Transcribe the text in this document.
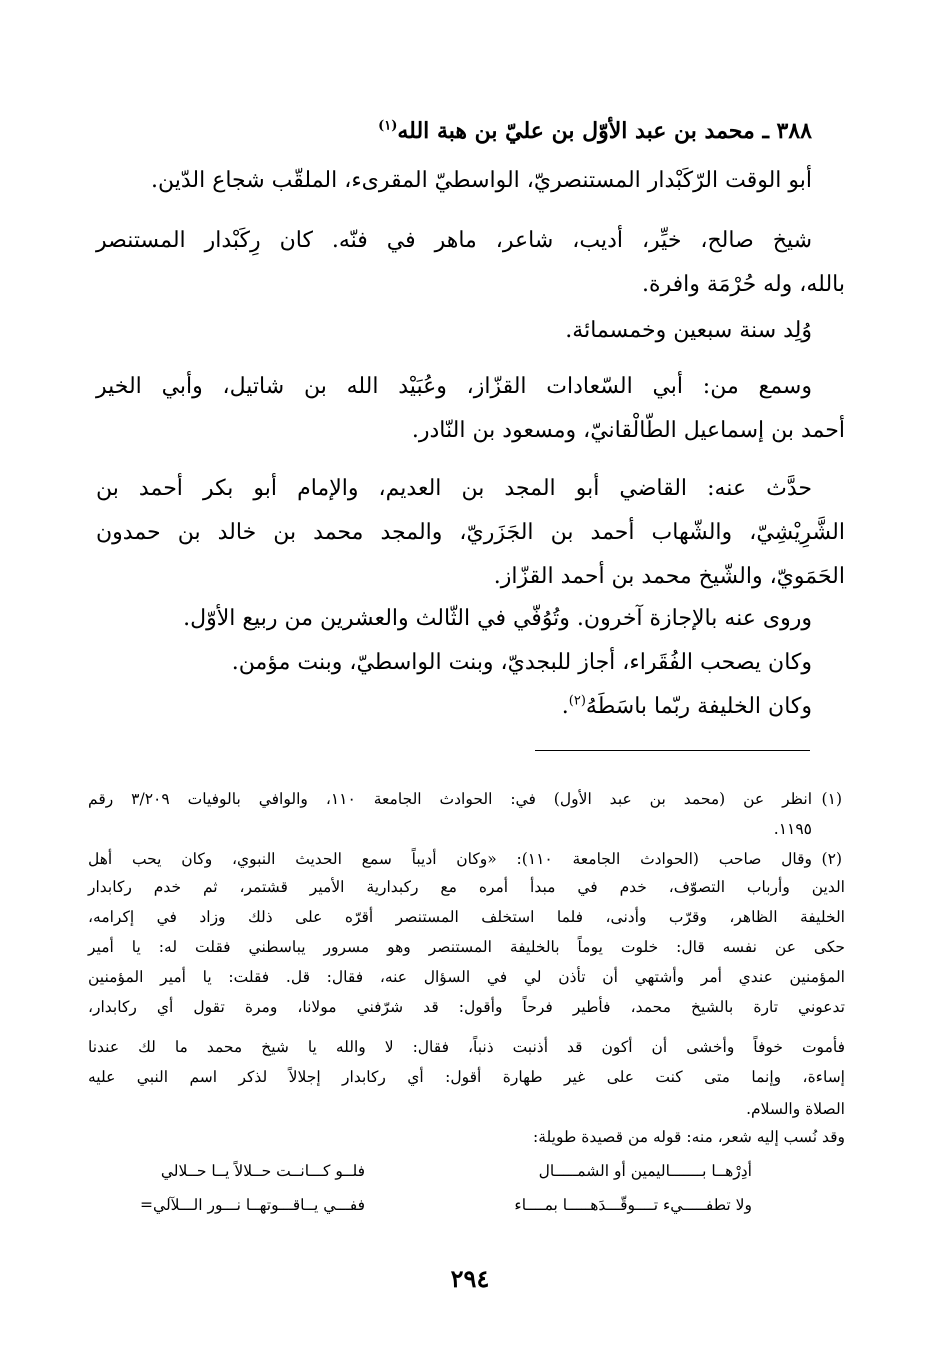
٣٨٨ ـ محمد بن عبد الأوّل بن عليّ بن هبة الله$^{(١)}$
أبو الوقت الرّكَبْدار المستنصريّ، الواسطيّ المقرىء، الملقّب شجاع الدّين.
شيخ صالح، خيِّر، أديب، شاعر، ماهر في فنّه. كان رِكَبْدار المستنصر
بالله، وله حُرْمَة وافرة.
وُلِد سنة سبعين وخمسمائة.
وسمع من: أبي السّعادات القزّاز، وعُبَيْد الله بن شاتيل، وأبي الخير
أحمد بن إسماعيل الطّالْقانيّ، ومسعود بن النّادر.
حدَّث عنه: القاضي أبو المجد بن العديم، والإمام أبو بكر أحمد بن
الشَّرِيْشِيّ، والشّهاب أحمد بن الجَزَريّ، والمجد محمد بن خالد بن حمدون
الحَمَويّ، والشّيخ محمد بن أحمد القزّاز.
وروى عنه بالإجازة آخرون. وتُوُفّي في الثّالث والعشرين من ربيع الأوّل.
وكان يصحب الفُقَراء، أجاز للبجديّ، وبنت الواسطيّ، وبنت مؤمن.
وكان الخليفة ربّما باسَطَهُ$^{(٢)}$.
(١)
انظر عن (محمد بن عبد الأول) في: الحوادث الجامعة ١١٠، والوافي بالوفيات ٣/٢٠٩ رقم
١١٩٥.
(٢)
وقال صاحب (الحوادث الجامعة ١١٠): «وكان أديباً سمع الحديث النبوي، وكان يحب أهل
الدين وأرباب التصوّف، خدم في مبدأ أمره مع ركبدارية الأمير قشتمر، ثم خدم ركابدار
الخليفة الظاهر، وقرّب وأدنى، فلما استخلف المستنصر أقرّه على ذلك وزاد في إكرامه،
حكى عن نفسه قال: خلوت يوماً بالخليفة المستنصر وهو مسرور يباسطني فقلت له: يا أمير
المؤمنين عندي أمر وأشتهي أن تأذن لي في السؤال عنه، فقال: قل. فقلت: يا أمير المؤمنين
تدعوني تارة بالشيخ محمد، فأطير فرحاً وأقول: قد شرّفني مولانا، ومرة تقول أي ركابدار،
فأموت خوفاً وأخشى أن أكون قد أذنبت ذنباً، فقال: لا والله يا شيخ محمد ما لك عندنا
إساءة، وإنما متى كنت على غير طهارة أقول: أي ركابدار إجلالاً لذكر اسم النبي عليه
الصلاة والسلام.
وقد نُسب إليه شعر، منه: قوله من قصيدة طويلة:
أدِرْهــا بـــــــاليمين أو الشمـــــال
فلــو كـــانــت حــلالاً يــا حــلالي
ولا تطفـــــيء تــــوقّـــدَهـــــا بمــــاء
ففـــي يــاقـــوتهــا نـــور الـــلآلي=
٢٩٤
